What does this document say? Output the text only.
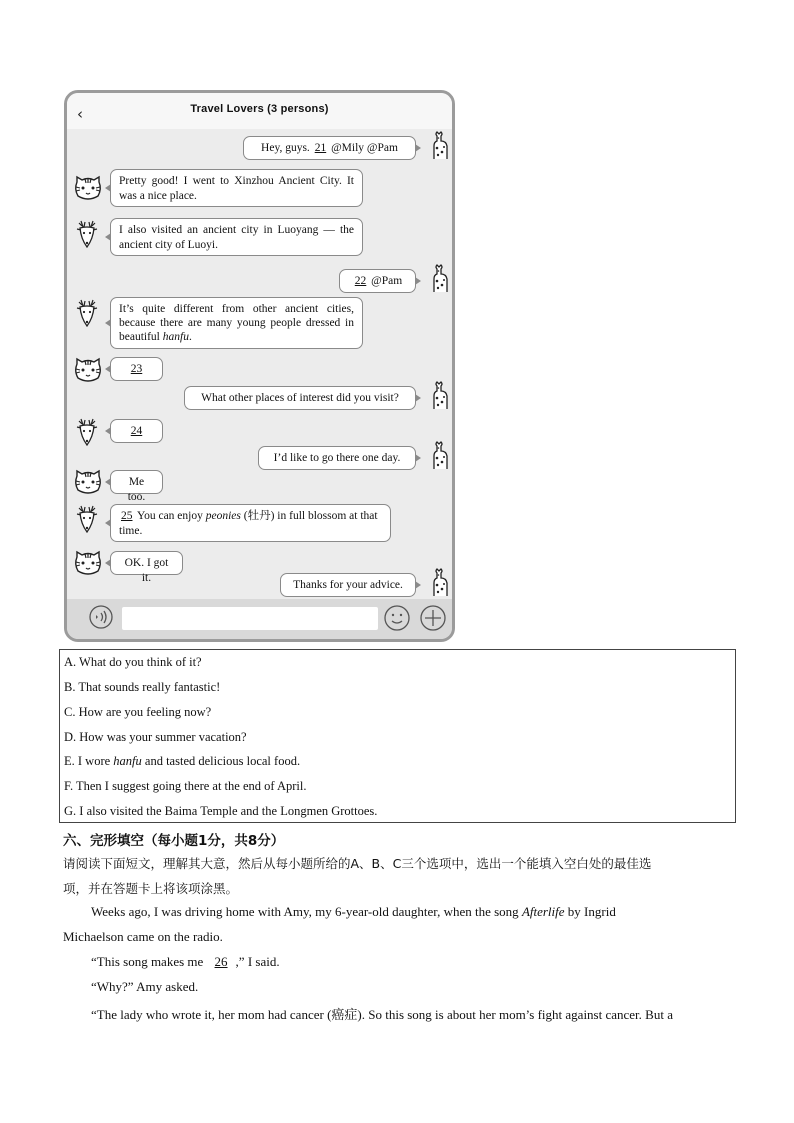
‹	Travel Lovers (3 persons)
Hey, guys. 21 @Mily @Pam
Pretty good! I went to Xinzhou Ancient City. It was a nice place.
I also visited an ancient city in Luoyang — the ancient city of Luoyi.
22 @Pam
It’s quite different from other ancient cities, because there are many young people dressed in beautiful hanfu.
23
What other places of interest did you visit?
24
I’d like to go there one day.
Me too.
25 You can enjoy peonies (牡丹) in full blossom at that time.
OK. I got it.
Thanks for your advice.
A. What do you think of it?
B. That sounds really fantastic!
C. How are you feeling now?
D. How was your summer vacation?
E. I wore hanfu and tasted delicious local food.
F. Then I suggest going there at the end of April.
G. I also visited the Baima Temple and the Longmen Grottoes.
六、完形填空（每小题1分，共8分）
请阅读下面短文，理解其大意，然后从每小题所给的A、B、C三个选项中，选出一个能填入空白处的最佳选
项，并在答题卡上将该项涂黑。
Weeks ago, I was driving home with Amy, my 6-year-old daughter, when the song Afterlife by Ingrid
Michaelson came on the radio.
“This song makes me 26 ,” I said.
“Why?” Amy asked.
“The lady who wrote it, her mom had cancer (癌症). So this song is about her mom’s fight against cancer. But a
